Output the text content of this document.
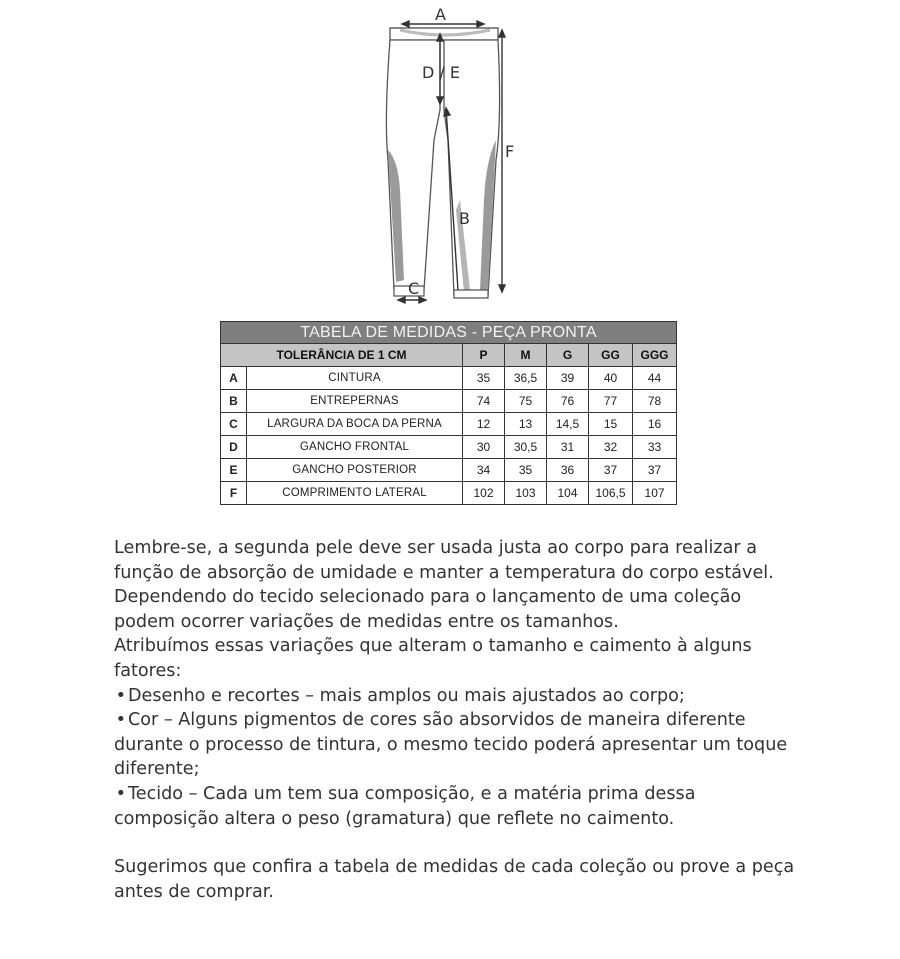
A
D / E
F
B
C
TABELA DE MEDIDAS - PEÇA PRONTA						
TOLERÂNCIA DE 1 CM		P	M	G	GG	GGG
A	CINTURA	35	36,5	39	40	44
B	ENTREPERNAS	74	75	76	77	78
C	LARGURA DA BOCA DA PERNA	12	13	14,5	15	16
D	GANCHO FRONTAL	30	30,5	31	32	33
E	GANCHO POSTERIOR	34	35	36	37	37
F	COMPRIMENTO LATERAL	102	103	104	106,5	107

Lembre-se, a segunda pele deve ser usada justa ao corpo para realizar a função de absorção de umidade e manter a temperatura do corpo estável.

Dependendo do tecido selecionado para o lançamento de uma coleção podem ocorrer variações de medidas entre os tamanhos.

Atribuímos essas variações que alteram o tamanho e caimento à alguns fatores:

• Desenho e recortes – mais amplos ou mais ajustados ao corpo;

• Cor – Alguns pigmentos de cores são absorvidos de maneira diferente durante o processo de tintura, o mesmo tecido poderá apresentar um toque diferente;

• Tecido – Cada um tem sua composição, e a matéria prima dessa composição altera o peso (gramatura) que reflete no caimento.

Sugerimos que confira a tabela de medidas de cada coleção ou prove a peça antes de comprar.
